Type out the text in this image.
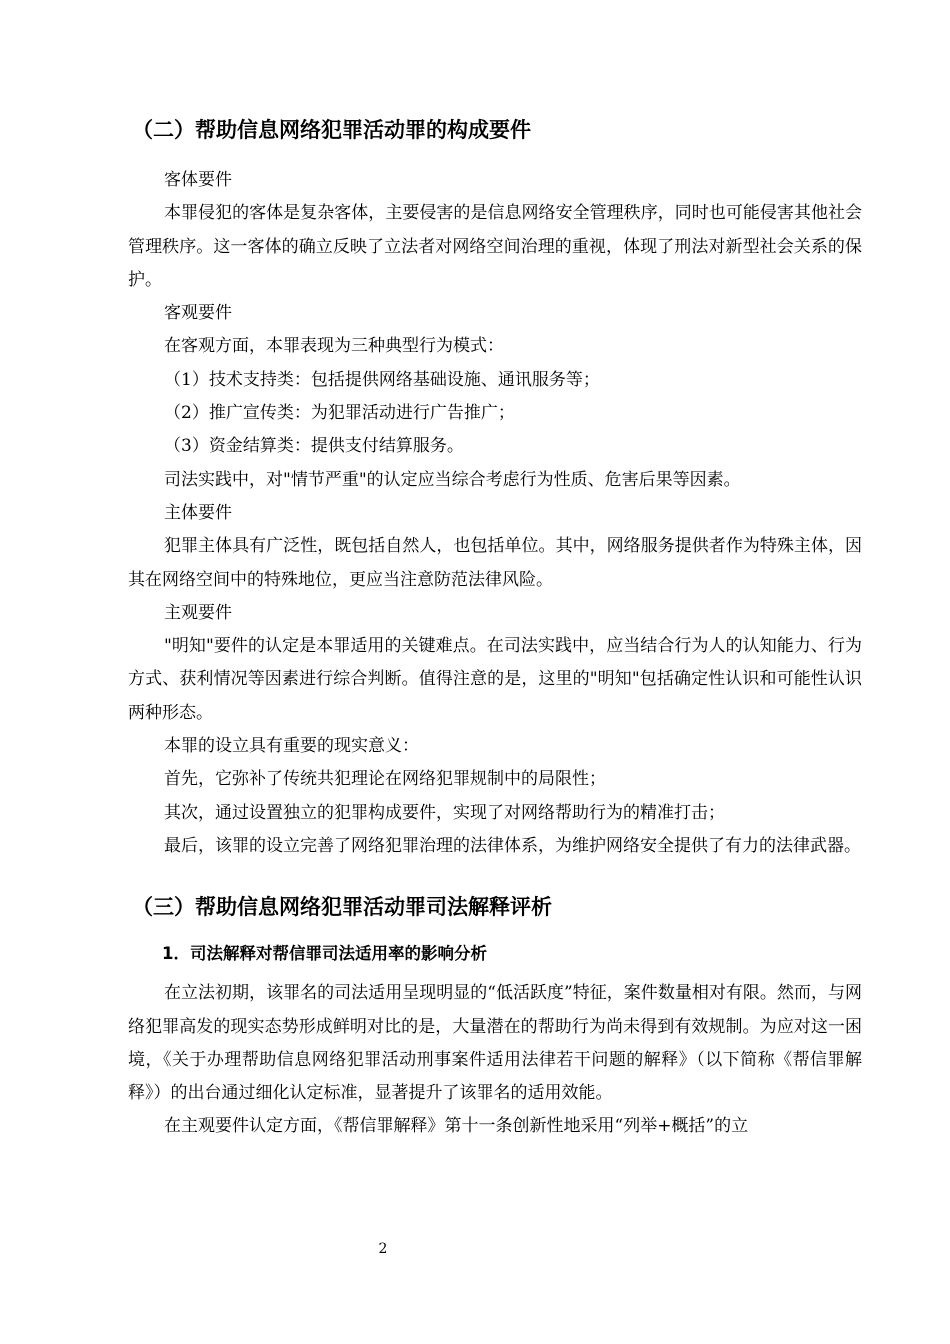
（二）帮助信息网络犯罪活动罪的构成要件

客体要件

本罪侵犯的客体是复杂客体，主要侵害的是信息网络安全管理秩序，同时也可能侵害其他社会管理秩序。这一客体的确立反映了立法者对网络空间治理的重视，体现了刑法对新型社会关系的保护。

客观要件

在客观方面，本罪表现为三种典型行为模式：

（1）技术支持类：包括提供网络基础设施、通讯服务等；

（2）推广宣传类：为犯罪活动进行广告推广；

（3）资金结算类：提供支付结算服务。

司法实践中，对"情节严重"的认定应当综合考虑行为性质、危害后果等因素。

主体要件

犯罪主体具有广泛性，既包括自然人，也包括单位。其中，网络服务提供者作为特殊主体，因其在网络空间中的特殊地位，更应当注意防范法律风险。

主观要件

"明知"要件的认定是本罪适用的关键难点。在司法实践中，应当结合行为人的认知能力、行为方式、获利情况等因素进行综合判断。值得注意的是，这里的"明知"包括确定性认识和可能性认识两种形态。

本罪的设立具有重要的现实意义：

首先，它弥补了传统共犯理论在网络犯罪规制中的局限性；

其次，通过设置独立的犯罪构成要件，实现了对网络帮助行为的精准打击；

最后，该罪的设立完善了网络犯罪治理的法律体系，为维护网络安全提供了有力的法律武器。

（三）帮助信息网络犯罪活动罪司法解释评析
1．司法解释对帮信罪司法适用率的影响分析

在立法初期，该罪名的司法适用呈现明显的“低活跃度”特征，案件数量相对有限。然而，与网络犯罪高发的现实态势形成鲜明对比的是，大量潜在的帮助行为尚未得到有效规制。为应对这一困境，《关于办理帮助信息网络犯罪活动刑事案件适用法律若干问题的解释》（以下简称《帮信罪解释》）的出台通过细化认定标准，显著提升了该罪名的适用效能。

在主观要件认定方面，《帮信罪解释》第十一条创新性地采用“列举+概括”的立

2
